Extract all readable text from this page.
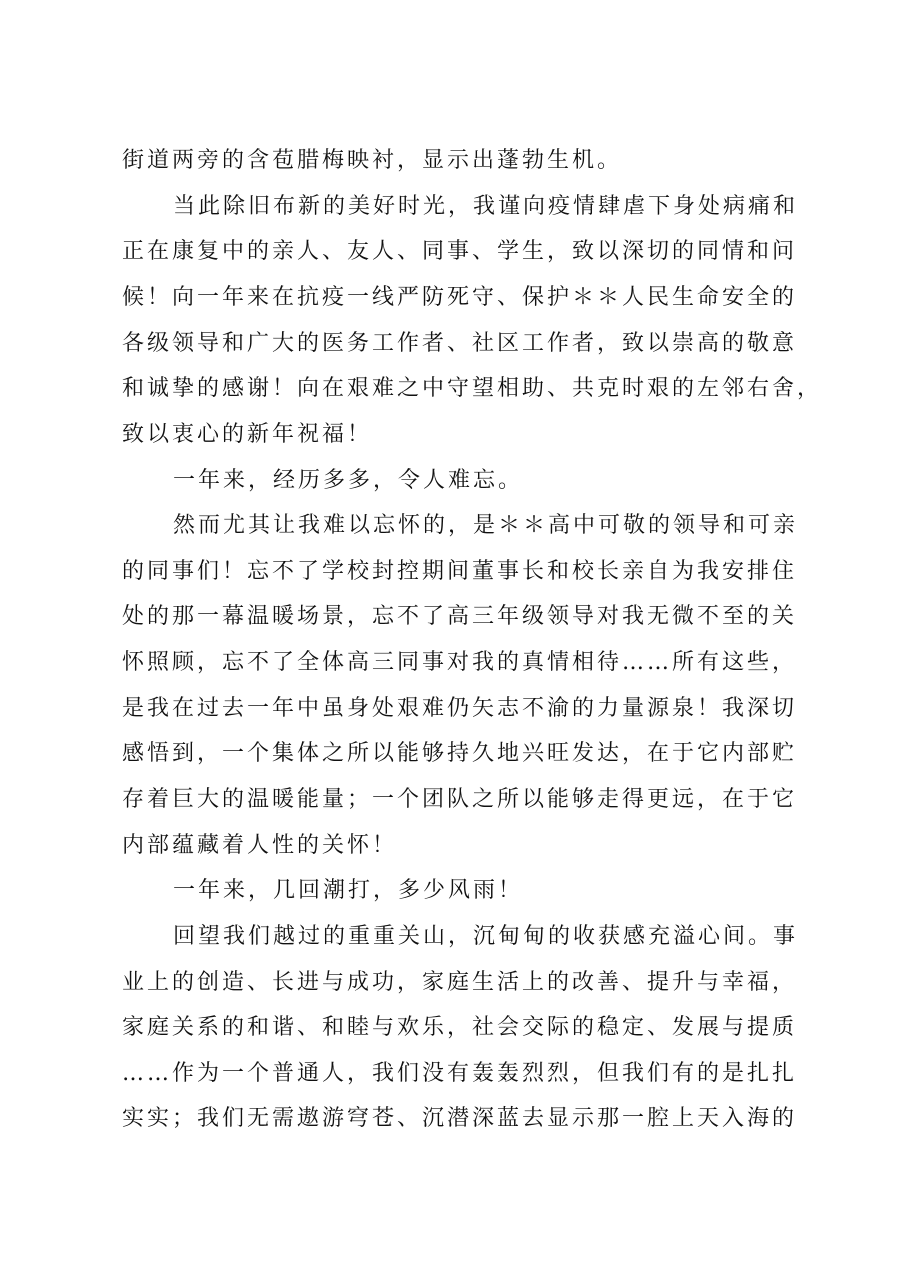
街道两旁的含苞腊梅映衬，显示出蓬勃生机。
当此除旧布新的美好时光，我谨向疫情肆虐下身处病痛和
正在康复中的亲人、友人、同事、学生，致以深切的同情和问
候！向一年来在抗疫一线严防死守、保护＊＊人民生命安全的
各级领导和广大的医务工作者、社区工作者，致以崇高的敬意
和诚挚的感谢！向在艰难之中守望相助、共克时艰的左邻右舍，
致以衷心的新年祝福！
一年来，经历多多，令人难忘。
然而尤其让我难以忘怀的，是＊＊高中可敬的领导和可亲
的同事们！忘不了学校封控期间董事长和校长亲自为我安排住
处的那一幕温暖场景，忘不了高三年级领导对我无微不至的关
怀照顾，忘不了全体高三同事对我的真情相待……所有这些，
是我在过去一年中虽身处艰难仍矢志不渝的力量源泉！我深切
感悟到，一个集体之所以能够持久地兴旺发达，在于它内部贮
存着巨大的温暖能量；一个团队之所以能够走得更远，在于它
内部蕴藏着人性的关怀！
一年来，几回潮打，多少风雨！
回望我们越过的重重关山，沉甸甸的收获感充溢心间。事
业上的创造、长进与成功，家庭生活上的改善、提升与幸福，
家庭关系的和谐、和睦与欢乐，社会交际的稳定、发展与提质
……作为一个普通人，我们没有轰轰烈烈，但我们有的是扎扎
实实；我们无需遨游穹苍、沉潜深蓝去显示那一腔上天入海的
